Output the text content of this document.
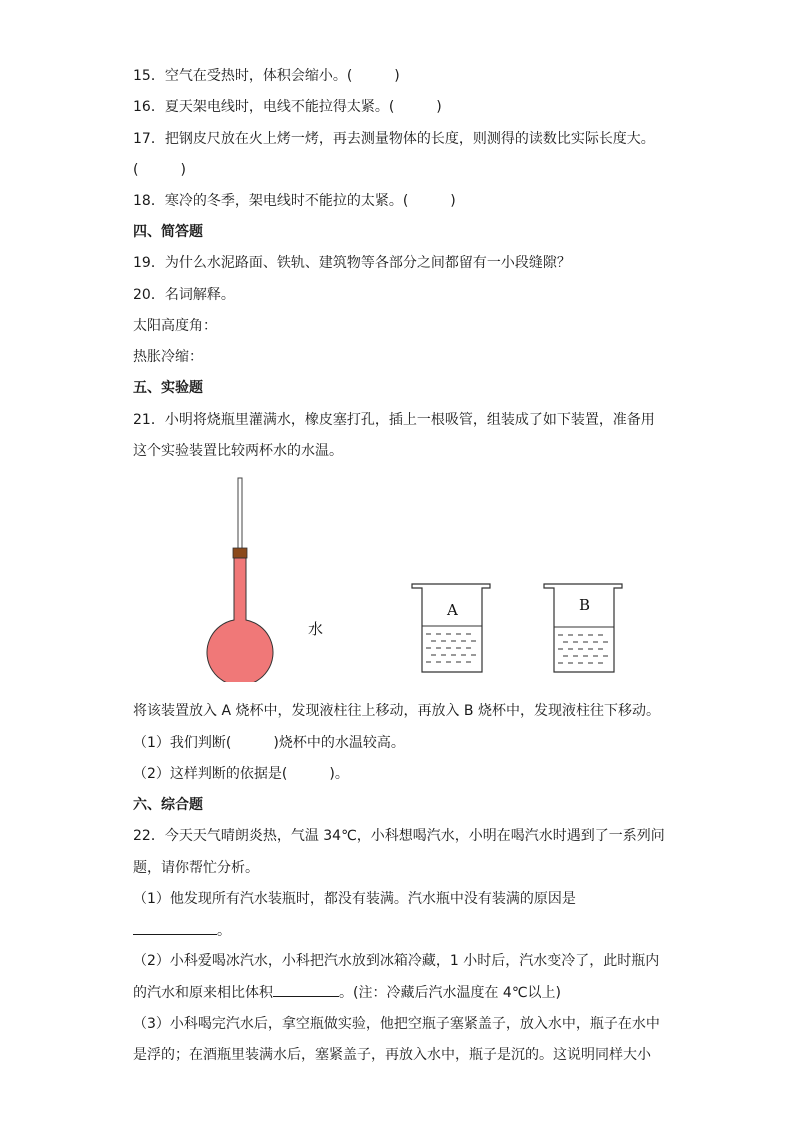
15．空气在受热时，体积会缩小。(　　　)
16．夏天架电线时，电线不能拉得太紧。(　　　)
17．把钢皮尺放在火上烤一烤，再去测量物体的长度，则测得的读数比实际长度大。
(　　　)
18．寒冷的冬季，架电线时不能拉的太紧。(　　　)
四、简答题
19．为什么水泥路面、铁轨、建筑物等各部分之间都留有一小段缝隙？
20．名词解释。
太阳高度角：
热胀冷缩：
五、实验题
21．小明将烧瓶里灌满水，橡皮塞打孔，插上一根吸管，组装成了如下装置，准备用
这个实验装置比较两杯水的水温。
水
A	B
将该装置放入 A 烧杯中，发现液柱往上移动，再放入 B 烧杯中，发现液柱往下移动。
（1）我们判断(　　　)烧杯中的水温较高。
（2）这样判断的依据是(　　　)。
六、综合题
22．今天天气晴朗炎热，气温 34℃，小科想喝汽水，小明在喝汽水时遇到了一系列问
题，请你帮忙分析。
（1）他发现所有汽水装瓶时，都没有装满。汽水瓶中没有装满的原因是
。
（2）小科爱喝冰汽水，小科把汽水放到冰箱冷藏，1 小时后，汽水变冷了，此时瓶内
的汽水和原来相比体积	。(注：冷藏后汽水温度在 4℃以上)
（3）小科喝完汽水后，拿空瓶做实验，他把空瓶子塞紧盖子，放入水中，瓶子在水中
是浮的；在酒瓶里装满水后，塞紧盖子，再放入水中，瓶子是沉的。这说明同样大小
